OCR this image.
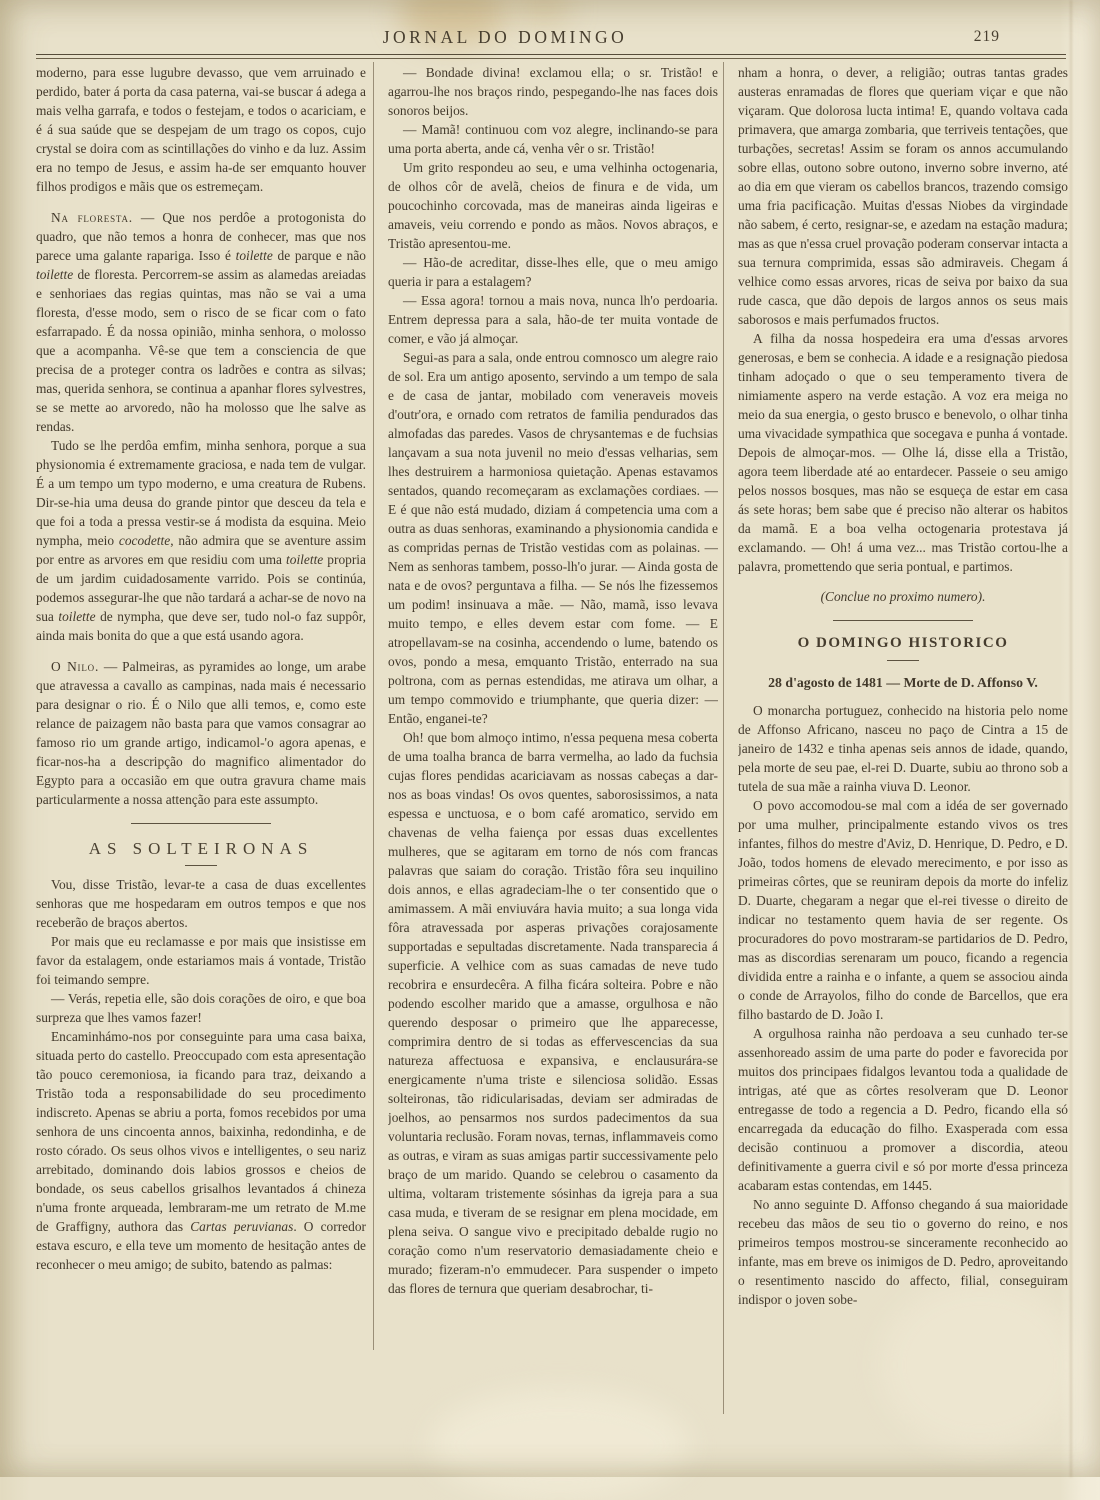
JORNAL DO DOMINGO	219

moderno, para esse lugubre devasso, que vem arruinado e perdido, bater á porta da casa paterna, vai-se buscar á adega a mais velha garrafa, e todos o festejam, e todos o acariciam, e é á sua saúde que se despejam de um trago os copos, cujo crystal se doira com as scintillações do vinho e da luz. Assim era no tempo de Jesus, e assim ha-de ser emquanto houver filhos prodigos e mãis que os estremeçam.

Na floresta. — Que nos perdôe a protogonista do quadro, que não temos a honra de conhecer, mas que nos parece uma galante rapariga. Isso é toilette de parque e não toilette de floresta. Percorrem-se assim as alamedas areiadas e senhoriaes das regias quintas, mas não se vai a uma floresta, d'esse modo, sem o risco de se ficar com o fato esfarrapado. É da nossa opinião, minha senhora, o molosso que a acompanha. Vê-se que tem a consciencia de que precisa de a proteger contra os ladrões e contra as silvas; mas, querida senhora, se continua a apanhar flores sylvestres, se se mette ao arvoredo, não ha molosso que lhe salve as rendas.

Tudo se lhe perdôa emfim, minha senhora, porque a sua physionomia é extremamente graciosa, e nada tem de vulgar. É a um tempo um typo moderno, e uma creatura de Rubens. Dir-se-hia uma deusa do grande pintor que desceu da tela e que foi a toda a pressa vestir-se á modista da esquina. Meio nympha, meio cocodette, não admira que se aventure assim por entre as arvores em que residiu com uma toilette propria de um jardim cuidadosamente varrido. Pois se continúa, podemos assegurar-lhe que não tardará a achar-se de novo na sua toilette de nympha, que deve ser, tudo nol-o faz suppôr, ainda mais bonita do que a que está usando agora.

O Nilo. — Palmeiras, as pyramides ao longe, um arabe que atravessa a cavallo as campinas, nada mais é necessario para designar o rio. É o Nilo que alli temos, e, como este relance de paizagem não basta para que vamos consagrar ao famoso rio um grande artigo, indicamol-'o agora apenas, e ficar-nos-ha a descripção do magnifico alimentador do Egypto para a occasião em que outra gravura chame mais particularmente a nossa attenção para este assumpto.

AS SOLTEIRONAS

Vou, disse Tristão, levar-te a casa de duas excellentes senhoras que me hospedaram em outros tempos e que nos receberão de braços abertos.

Por mais que eu reclamasse e por mais que insistisse em favor da estalagem, onde estariamos mais á vontade, Tristão foi teimando sempre.

— Verás, repetia elle, são dois corações de oiro, e que boa surpreza que lhes vamos fazer!

Encaminhámo-nos por conseguinte para uma casa baixa, situada perto do castello. Preoccupado com esta apresentação tão pouco ceremoniosa, ia ficando para traz, deixando a Tristão toda a responsabilidade do seu procedimento indiscreto. Apenas se abriu a porta, fomos recebidos por uma senhora de uns cincoenta annos, baixinha, redondinha, e de rosto córado. Os seus olhos vivos e intelligentes, o seu nariz arrebitado, dominando dois labios grossos e cheios de bondade, os seus cabellos grisalhos levantados á chineza n'uma fronte arqueada, lembraram-me um retrato de M.me de Graffigny, authora das Cartas peruvianas. O corredor estava escuro, e ella teve um momento de hesitação antes de reconhecer o meu amigo; de subito, batendo as palmas:

— Bondade divina! exclamou ella; o sr. Tristão! e agarrou-lhe nos braços rindo, pespegando-lhe nas faces dois sonoros beijos.

— Mamã! continuou com voz alegre, inclinando-se para uma porta aberta, ande cá, venha vêr o sr. Tristão!

Um grito respondeu ao seu, e uma velhinha octogenaria, de olhos côr de avelã, cheios de finura e de vida, um poucochinho corcovada, mas de maneiras ainda ligeiras e amaveis, veiu correndo e pondo as mãos. Novos abraços, e Tristão apresentou-me.

— Hão-de acreditar, disse-lhes elle, que o meu amigo queria ir para a estalagem?

— Essa agora! tornou a mais nova, nunca lh'o perdoaria. Entrem depressa para a sala, hão-de ter muita vontade de comer, e vão já almoçar.

Segui-as para a sala, onde entrou comnosco um alegre raio de sol. Era um antigo aposento, servindo a um tempo de sala e de casa de jantar, mobilado com veneraveis moveis d'outr'ora, e ornado com retratos de familia pendurados das almofadas das paredes. Vasos de chrysantemas e de fuchsias lançavam a sua nota juvenil no meio d'essas velharias, sem lhes destruirem a harmoniosa quietação. Apenas estavamos sentados, quando recomeçaram as exclamações cordiaes. — E é que não está mudado, diziam á competencia uma com a outra as duas senhoras, examinando a physionomia candida e as compridas pernas de Tristão vestidas com as polainas. — Nem as senhoras tambem, posso-lh'o jurar. — Ainda gosta de nata e de ovos? perguntava a filha. — Se nós lhe fizessemos um podim! insinuava a mãe. — Não, mamã, isso levava muito tempo, e elles devem estar com fome. — E atropellavam-se na cosinha, accendendo o lume, batendo os ovos, pondo a mesa, emquanto Tristão, enterrado na sua poltrona, com as pernas estendidas, me atirava um olhar, a um tempo commovido e triumphante, que queria dizer: — Então, enganei-te?

Oh! que bom almoço intimo, n'essa pequena mesa coberta de uma toalha branca de barra vermelha, ao lado da fuchsia cujas flores pendidas acariciavam as nossas cabeças a dar-nos as boas vindas! Os ovos quentes, saborosissimos, a nata espessa e unctuosa, e o bom café aromatico, servido em chavenas de velha faiença por essas duas excellentes mulheres, que se agitaram em torno de nós com francas palavras que saiam do coração. Tristão fôra seu inquilino dois annos, e ellas agradeciam-lhe o ter consentido que o amimassem. A mãi enviuvára havia muito; a sua longa vida fôra atravessada por asperas privações corajosamente supportadas e sepultadas discretamente. Nada transparecia á superficie. A velhice com as suas camadas de neve tudo recobrira e ensurdecêra. A filha ficára solteira. Pobre e não podendo escolher marido que a amasse, orgulhosa e não querendo desposar o primeiro que lhe apparecesse, comprimira dentro de si todas as effervescencias da sua natureza affectuosa e expansiva, e enclausurára-se energicamente n'uma triste e silenciosa solidão. Essas solteironas, tão ridicularisadas, deviam ser admiradas de joelhos, ao pensarmos nos surdos padecimentos da sua voluntaria reclusão. Foram novas, ternas, inflammaveis como as outras, e viram as suas amigas partir successivamente pelo braço de um marido. Quando se celebrou o casamento da ultima, voltaram tristemente sósinhas da igreja para a sua casa muda, e tiveram de se resignar em plena mocidade, em plena seiva. O sangue vivo e precipitado debalde rugio no coração como n'um reservatorio demasiadamente cheio e murado; fizeram-n'o emmudecer. Para suspender o impeto das flores de ternura que queriam desabrochar, ti-

nham a honra, o dever, a religião; outras tantas grades austeras enramadas de flores que queriam viçar e que não viçaram. Que dolorosa lucta intima! E, quando voltava cada primavera, que amarga zombaria, que terriveis tentações, que turbações, secretas! Assim se foram os annos accumulando sobre ellas, outono sobre outono, inverno sobre inverno, até ao dia em que vieram os cabellos brancos, trazendo comsigo uma fria pacificação. Muitas d'essas Niobes da virgindade não sabem, é certo, resignar-se, e azedam na estação madura; mas as que n'essa cruel provação poderam conservar intacta a sua ternura comprimida, essas são admiraveis. Chegam á velhice como essas arvores, ricas de seiva por baixo da sua rude casca, que dão depois de largos annos os seus mais saborosos e mais perfumados fructos.

A filha da nossa hospedeira era uma d'essas arvores generosas, e bem se conhecia. A idade e a resignação piedosa tinham adoçado o que o seu temperamento tivera de nimiamente aspero na verde estação. A voz era meiga no meio da sua energia, o gesto brusco e benevolo, o olhar tinha uma vivacidade sympathica que socegava e punha á vontade. Depois de almoçar-mos. — Olhe lá, disse ella a Tristão, agora teem liberdade até ao entardecer. Passeie o seu amigo pelos nossos bosques, mas não se esqueça de estar em casa ás sete horas; bem sabe que é preciso não alterar os habitos da mamã. E a boa velha octogenaria protestava já exclamando. — Oh! á uma vez... mas Tristão cortou-lhe a palavra, promettendo que seria pontual, e partimos.

(Conclue no proximo numero).
O DOMINGO HISTORICO
28 d'agosto de 1481 — Morte de D. Affonso V.

O monarcha portuguez, conhecido na historia pelo nome de Affonso Africano, nasceu no paço de Cintra a 15 de janeiro de 1432 e tinha apenas seis annos de idade, quando, pela morte de seu pae, el-rei D. Duarte, subiu ao throno sob a tutela de sua mãe a rainha viuva D. Leonor.

O povo accomodou-se mal com a idéa de ser governado por uma mulher, principalmente estando vivos os tres infantes, filhos do mestre d'Aviz, D. Henrique, D. Pedro, e D. João, todos homens de elevado merecimento, e por isso as primeiras côrtes, que se reuniram depois da morte do infeliz D. Duarte, chegaram a negar que el-rei tivesse o direito de indicar no testamento quem havia de ser regente. Os procuradores do povo mostraram-se partidarios de D. Pedro, mas as discordias serenaram um pouco, ficando a regencia dividida entre a rainha e o infante, a quem se associou ainda o conde de Arrayolos, filho do conde de Barcellos, que era filho bastardo de D. João I.

A orgulhosa rainha não perdoava a seu cunhado ter-se assenhoreado assim de uma parte do poder e favorecida por muitos dos principaes fidalgos levantou toda a qualidade de intrigas, até que as côrtes resolveram que D. Leonor entregasse de todo a regencia a D. Pedro, ficando ella só encarregada da educação do filho. Exasperada com essa decisão continuou a promover a discordia, ateou definitivamente a guerra civil e só por morte d'essa princeza acabaram estas contendas, em 1445.

No anno seguinte D. Affonso chegando á sua maioridade recebeu das mãos de seu tio o governo do reino, e nos primeiros tempos mostrou-se sinceramente reconhecido ao infante, mas em breve os inimigos de D. Pedro, aproveitando o resentimento nascido do affecto, filial, conseguiram indispor o joven sobe-
